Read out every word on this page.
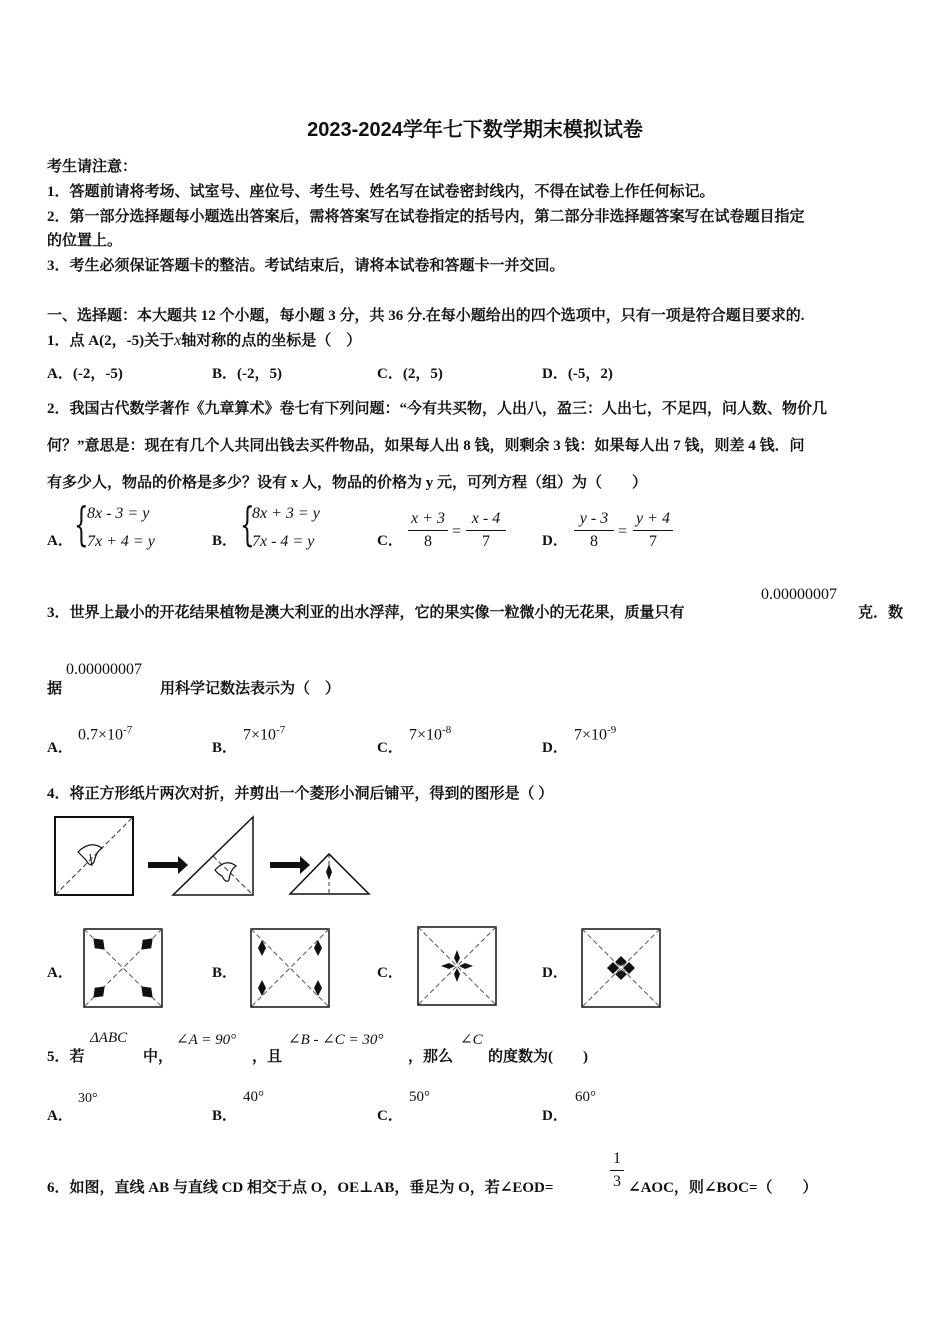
2023-2024学年七下数学期末模拟试卷
考生请注意：
1．答题前请将考场、试室号、座位号、考生号、姓名写在试卷密封线内，不得在试卷上作任何标记。
2．第一部分选择题每小题选出答案后，需将答案写在试卷指定的括号内，第二部分非选择题答案写在试卷题目指定
的位置上。
3．考生必须保证答题卡的整洁。考试结束后，请将本试卷和答题卡一并交回。
一、选择题：本大题共 12 个小题，每小题 3 分，共 36 分.在每小题给出的四个选项中，只有一项是符合题目要求的.
1．点 A(2，-5)关于x轴对称的点的坐标是（　）
A．(-2，-5)	B．(-2，5)	C．(2，5)	D．(-5，2)
2．我国古代数学著作《九章算术》卷七有下列问题：“今有共买物，人出八，盈三：人出七，不足四，问人数、物价几
何？”意思是：现在有几个人共同出钱去买件物品，如果每人出 8 钱，则剩余 3 钱：如果每人出 7 钱，则差 4 钱．问
有多少人，物品的价格是多少？设有 x 人，物品的价格为 y 元，可列方程（组）为（　　）
A． {
8x - 3 = y
7x + 4 = y	B． {
8x + 3 = y
7x - 4 = y	C．
x + 3
8
=
x - 4
7	D．
y - 3
8
=
y + 4
7
3．世界上最小的开花结果植物是澳大利亚的出水浮萍，它的果实像一粒微小的无花果，质量只有
0.00000007
克．数
据
0.00000007
用科学记数法表示为（　）
A．
$0.7\times 10^{-7}$
B．
$7\times 10^{-7}$
C．
$7\times 10^{-8}$
D．
$7\times 10^{-9}$
4．将正方形纸片两次对折，并剪出一个菱形小洞后铺平，得到的图形是（ ）
A．	B．	C．	D．
5．若
ΔABC
中，
∠A = 90°
，且
∠B - ∠C = 30°
，那么
∠C
的度数为(　　)
A．
30°
B．
40°
C．
50°
D．
60°
6．如图，直线 AB 与直线 CD 相交于点 O，OE⊥AB，垂足为 O，若∠EOD=
1
3 ∠AOC，则∠BOC=（　　）
